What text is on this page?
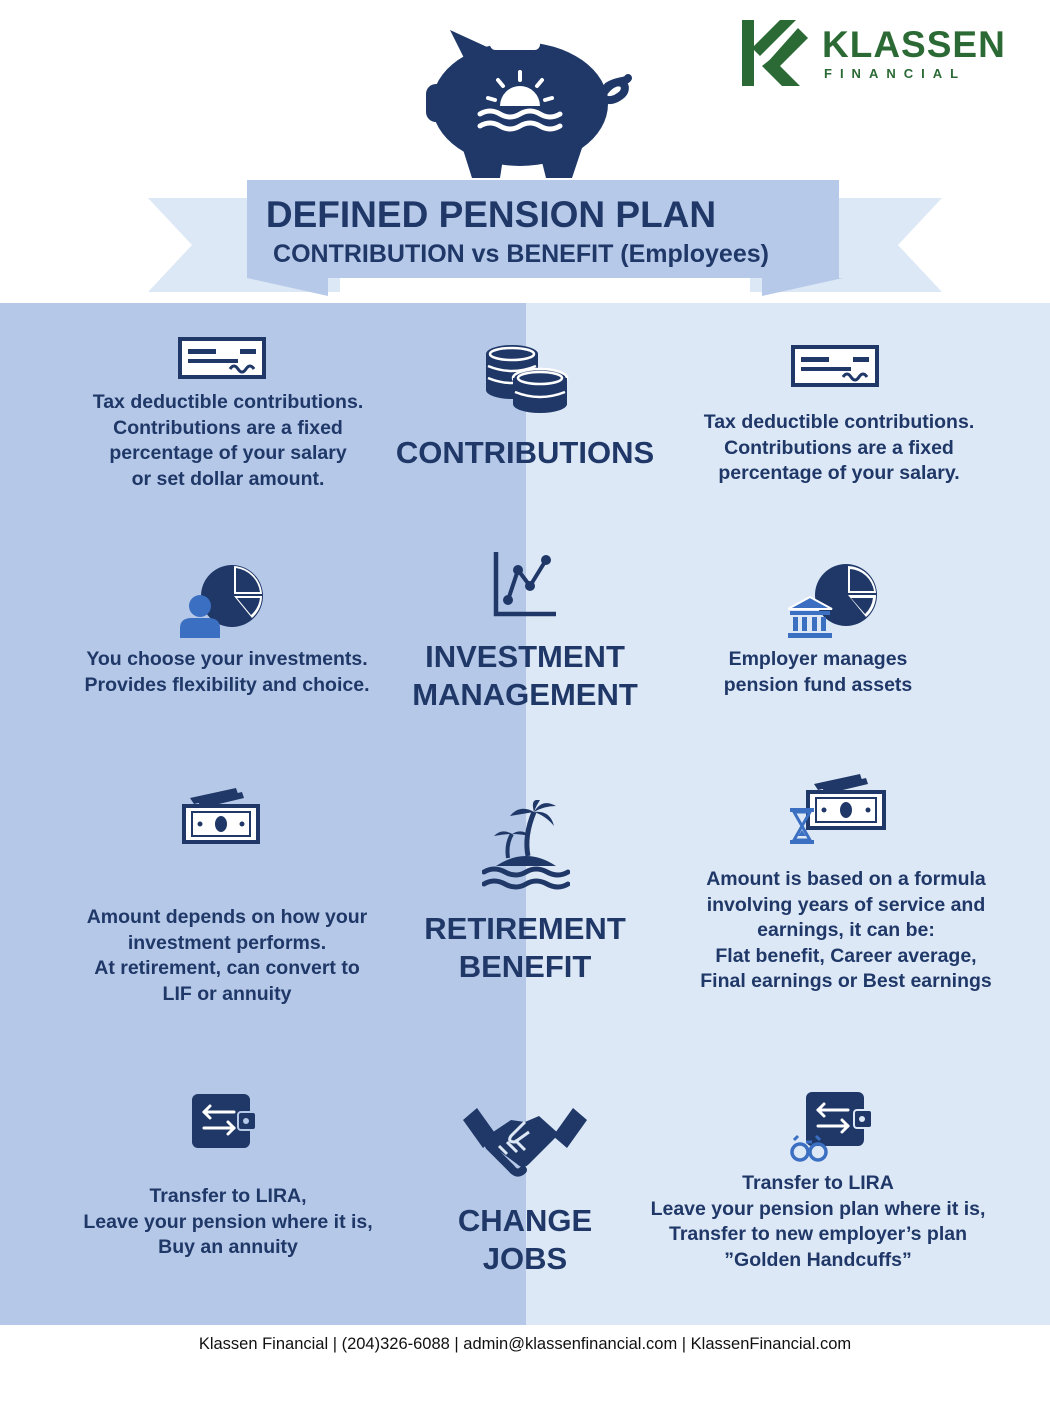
KLASSEN
FINANCIAL
DEFINED PENSION PLAN
CONTRIBUTION vs BENEFIT (Employees)
Tax deductible contributions.
Contributions are a fixed
percentage of your salary
or set dollar amount.
CONTRIBUTIONS
Tax deductible contributions.
Contributions are a fixed
percentage of your salary.
You choose your investments.
Provides flexibility and choice.
INVESTMENT
MANAGEMENT
Employer manages
pension fund assets
Amount depends on how your
investment performs.
At retirement, can convert to
LIF or annuity
RETIREMENT
BENEFIT
Amount is based on a formula
involving years of service and
earnings, it can be:
Flat benefit, Career average,
Final earnings or Best earnings
Transfer to LIRA,
Leave your pension where it is,
Buy an annuity
CHANGE
JOBS
Transfer to LIRA
Leave your pension plan where it is,
Transfer to new employer’s plan
”Golden Handcuffs”
Klassen Financial | (204)326-6088 | admin@klassenfinancial.com | KlassenFinancial.com
